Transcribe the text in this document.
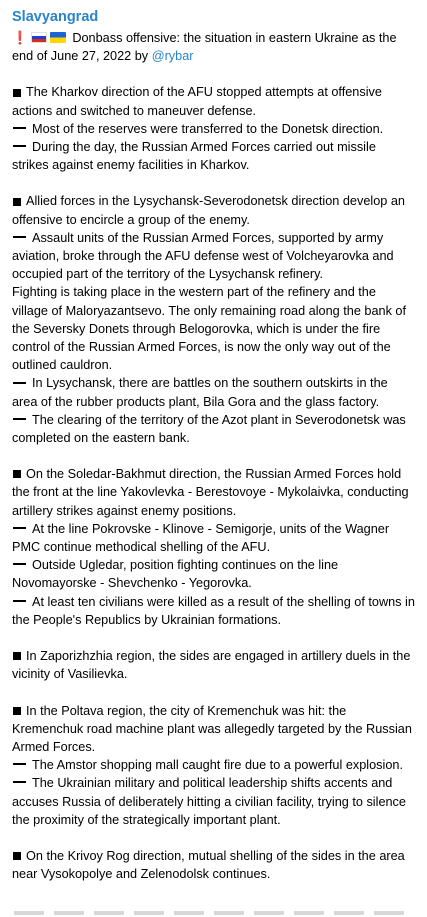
Slavyangrad
❗	Donbass offensive: the situation in eastern Ukraine as the end of June 27, 2022 by @rybar
The Kharkov direction of the AFU stopped attempts at offensive actions and switched to maneuver defense.
Most of the reserves were transferred to the Donetsk direction.
During the day, the Russian Armed Forces carried out missile strikes against enemy facilities in Kharkov.
Allied forces in the Lysychansk-Severodonetsk direction develop an offensive to encircle a group of the enemy.
Assault units of the Russian Armed Forces, supported by army aviation, broke through the AFU defense west of Volcheyarovka and occupied part of the territory of the Lysychansk refinery.
Fighting is taking place in the western part of the refinery and the village of Maloryazantsevo. The only remaining road along the bank of the Seversky Donets through Belogorovka, which is under the fire control of the Russian Armed Forces, is now the only way out of the outlined cauldron.
In Lysychansk, there are battles on the southern outskirts in the area of the rubber products plant, Bila Gora and the glass factory.
The clearing of the territory of the Azot plant in Severodonetsk was completed on the eastern bank.
On the Soledar-Bakhmut direction, the Russian Armed Forces hold the front at the line Yakovlevka - Berestovoye - Mykolaivka, conducting artillery strikes against enemy positions.
At the line Pokrovske - Klinove - Semigorje, units of the Wagner PMC continue methodical shelling of the AFU.
Outside Ugledar, position fighting continues on the line Novomayorske - Shevchenko - Yegorovka.
At least ten civilians were killed as a result of the shelling of towns in the People's Republics by Ukrainian formations.
In Zaporizhzhia region, the sides are engaged in artillery duels in the vicinity of Vasilievka.
In the Poltava region, the city of Kremenchuk was hit: the Kremenchuk road machine plant was allegedly targeted by the Russian Armed Forces.
The Amstor shopping mall caught fire due to a powerful explosion.
The Ukrainian military and political leadership shifts accents and accuses Russia of deliberately hitting a civilian facility, trying to silence the proximity of the strategically important plant.
On the Krivoy Rog direction, mutual shelling of the sides in the area near Vysokopolye and Zelenodolsk continues.
